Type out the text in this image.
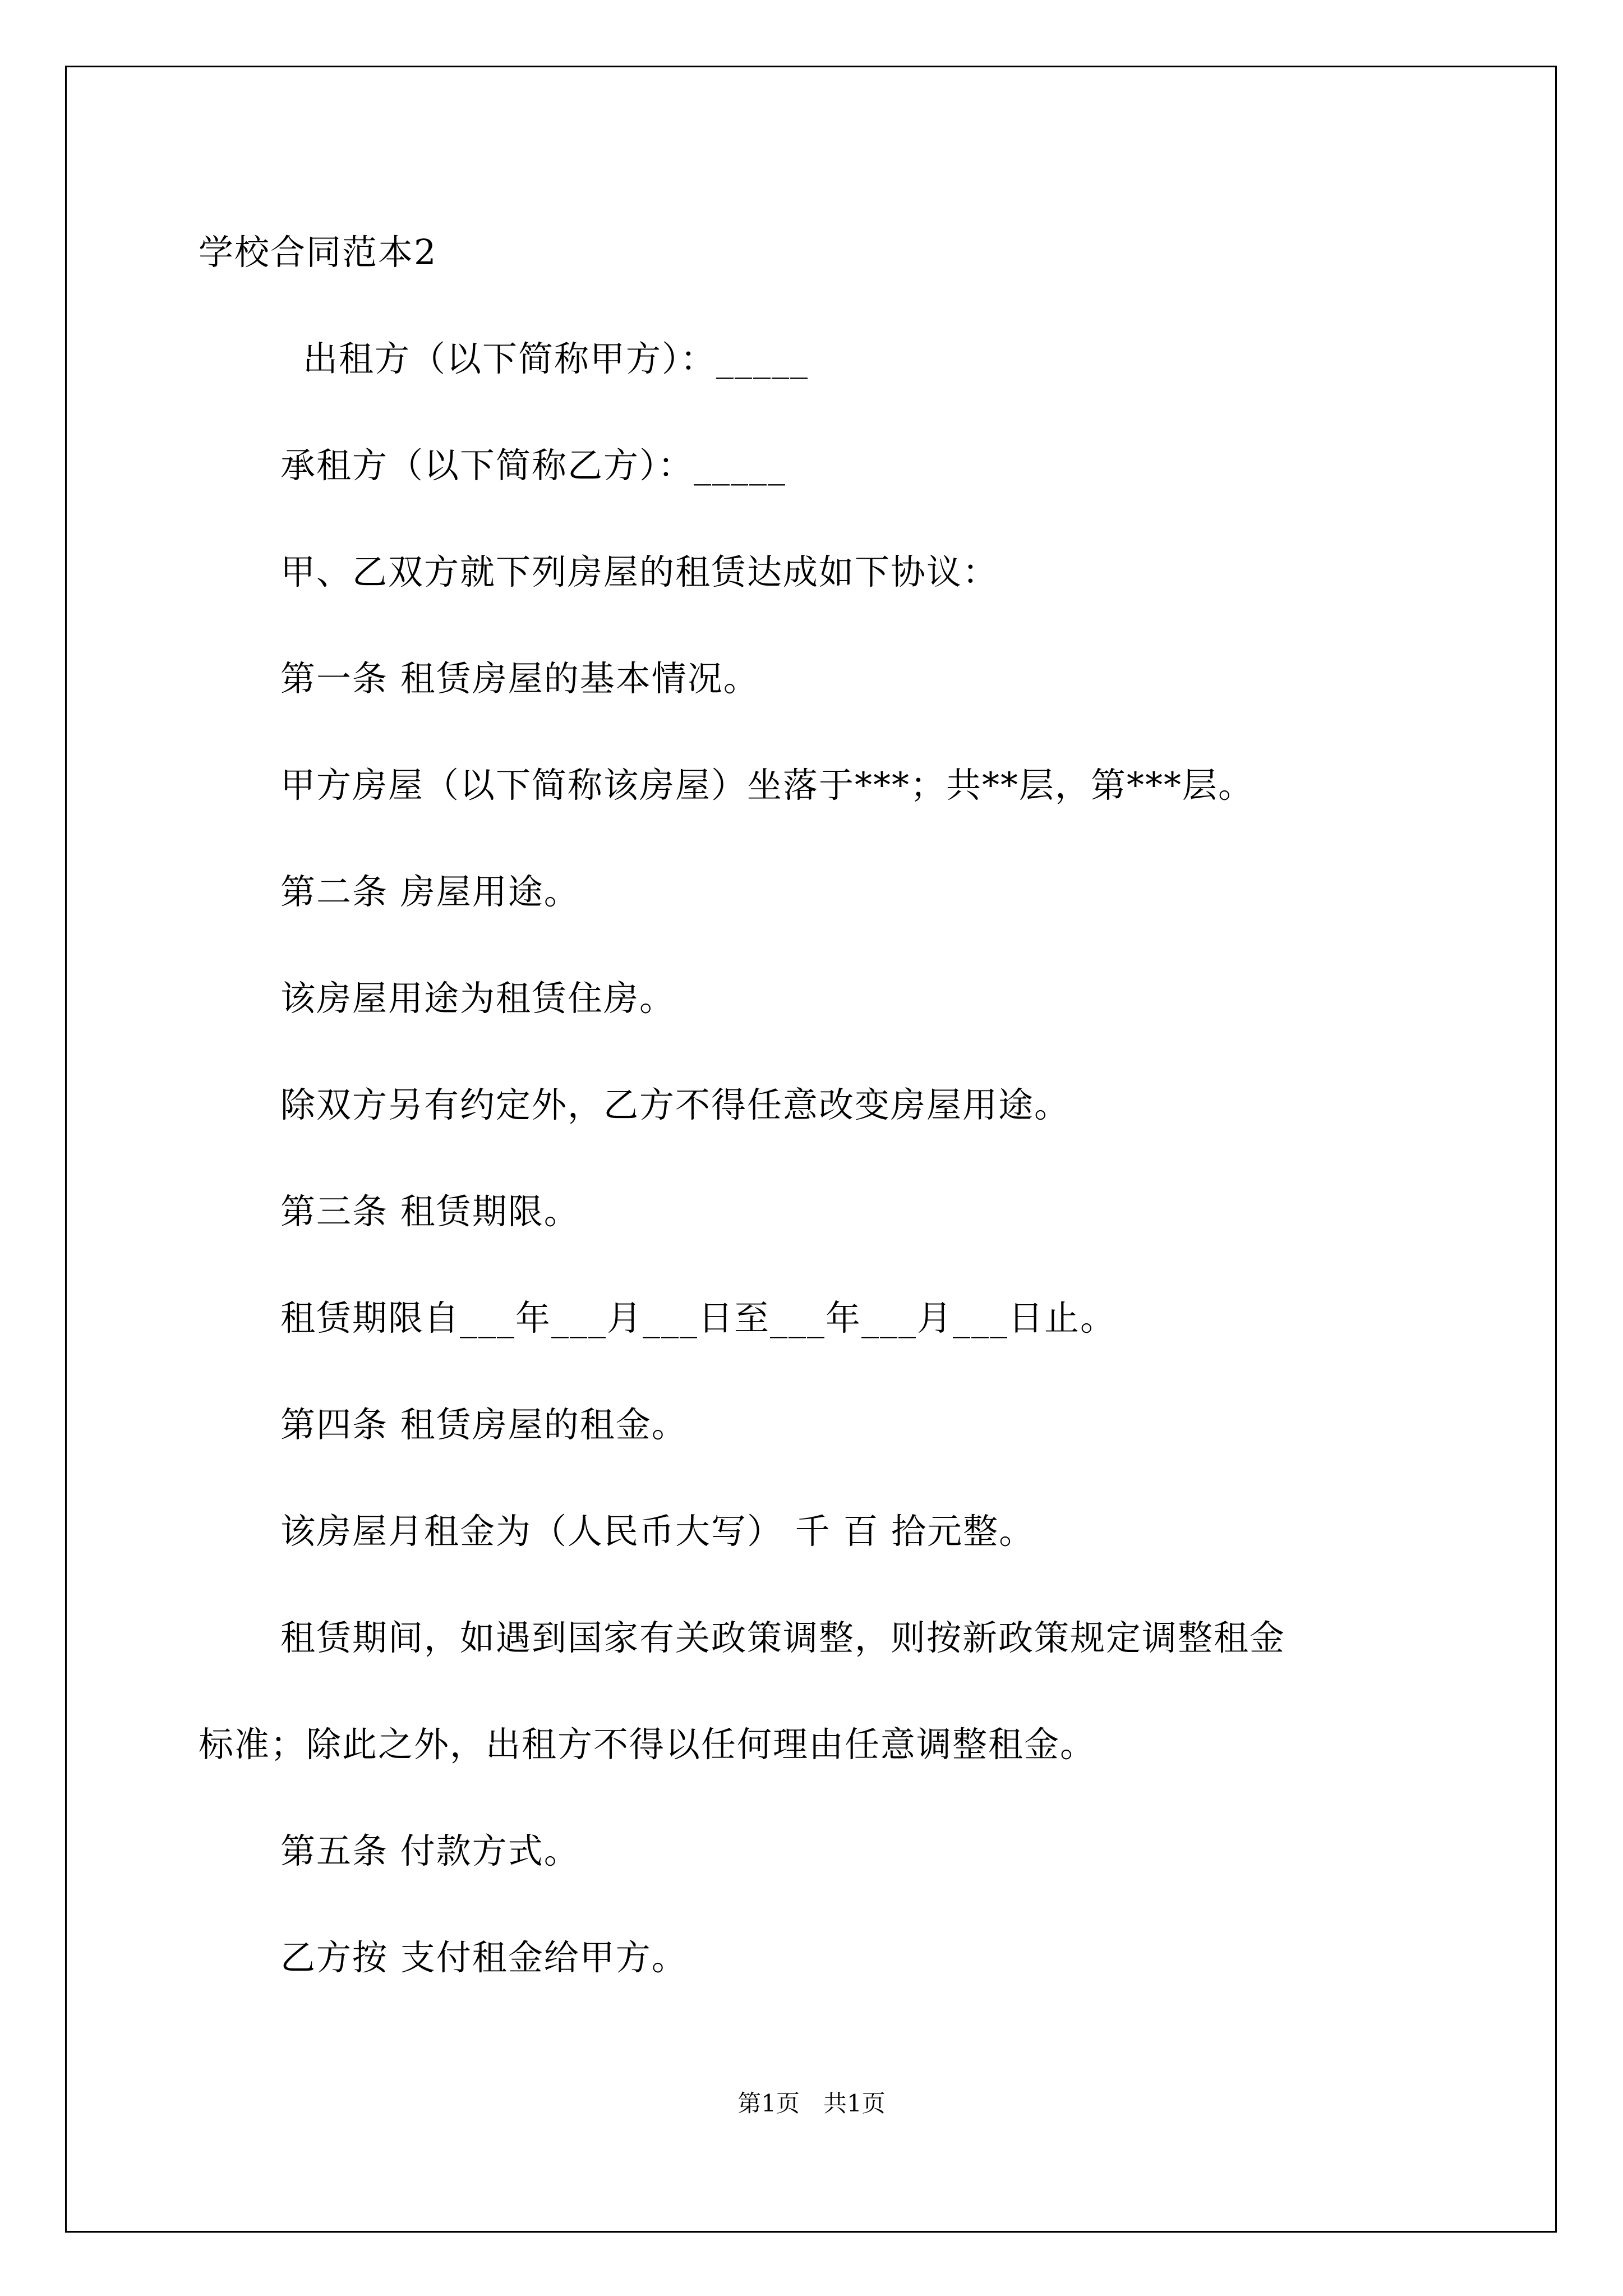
学校合同范本2
出租方（以下简称甲方）：_____
承租方（以下简称乙方）：_____
甲、乙双方就下列房屋的租赁达成如下协议：
第一条 租赁房屋的基本情况。
甲方房屋（以下简称该房屋）坐落于***；共**层，第***层。
第二条 房屋用途。
该房屋用途为租赁住房。
除双方另有约定外，乙方不得任意改变房屋用途。
第三条 租赁期限。
租赁期限自___年___月___日至___年___月___日止。
第四条 租赁房屋的租金。
该房屋月租金为（人民币大写） 千 百 拾元整。
租赁期间，如遇到国家有关政策调整，则按新政策规定调整租金
标准；除此之外，出租方不得以任何理由任意调整租金。
第五条 付款方式。
乙方按 支付租金给甲方。
第1页　共1页
